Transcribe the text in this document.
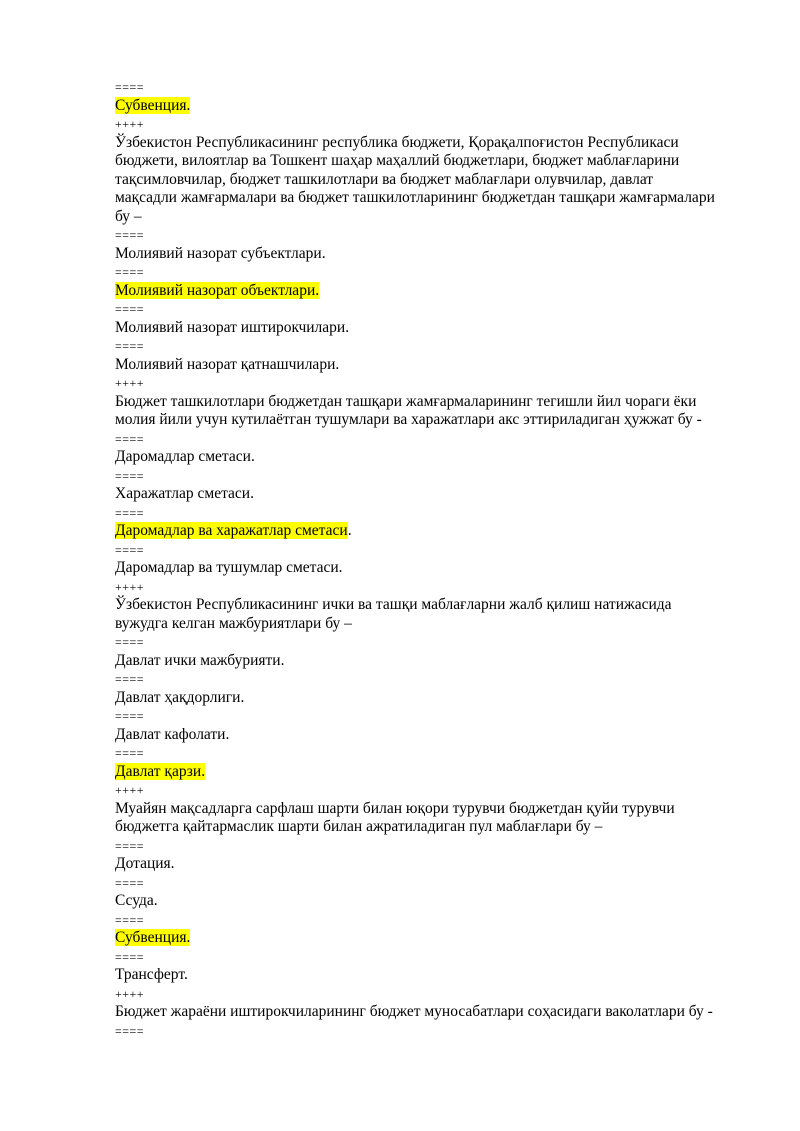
====
Субвенция.
++++
Ўзбекистон Республикасининг республика бюджети, Қорақалпоғистон Республикаси
бюджети, вилоятлар ва Тошкент шаҳар маҳаллий бюджетлари, бюджет маблағларини
тақсимловчилар, бюджет ташкилотлари ва бюджет маблағлари олувчилар, давлат
мақсадли жамғармалари ва бюджет ташкилотларининг бюджетдан ташқари жамғармалари
бу –
====
Молиявий назорат субъектлари.
====
Молиявий назорат объектлари.
====
Молиявий назорат иштирокчилари.
====
Молиявий назорат қатнашчилари.
++++
Бюджет ташкилотлари бюджетдан ташқари жамғармаларининг тегишли йил чораги ёки
молия йили учун кутилаётган тушумлари ва харажатлари акс эттириладиган ҳужжат бу -
====
Даромадлар сметаси.
====
Харажатлар сметаси.
====
Даромадлар ва харажатлар сметаси.
====
Даромадлар ва тушумлар сметаси.
++++
Ўзбекистон Республикасининг ички ва ташқи маблағларни жалб қилиш натижасида
вужудга келган мажбуриятлари бу –
====
Давлат ички мажбурияти.
====
Давлат ҳақдорлиги.
====
Давлат кафолати.
====
Давлат қарзи.
++++
Муайян мақсадларга сарфлаш шарти билан юқори турувчи бюджетдан қуйи турувчи
бюджетга қайтармаслик шарти билан ажратиладиган пул маблағлари бу –
====
Дотация.
====
Ссуда.
====
Субвенция.
====
Трансферт.
++++
Бюджет жараёни иштирокчиларининг бюджет муносабатлари соҳасидаги ваколатлари бу -
====
